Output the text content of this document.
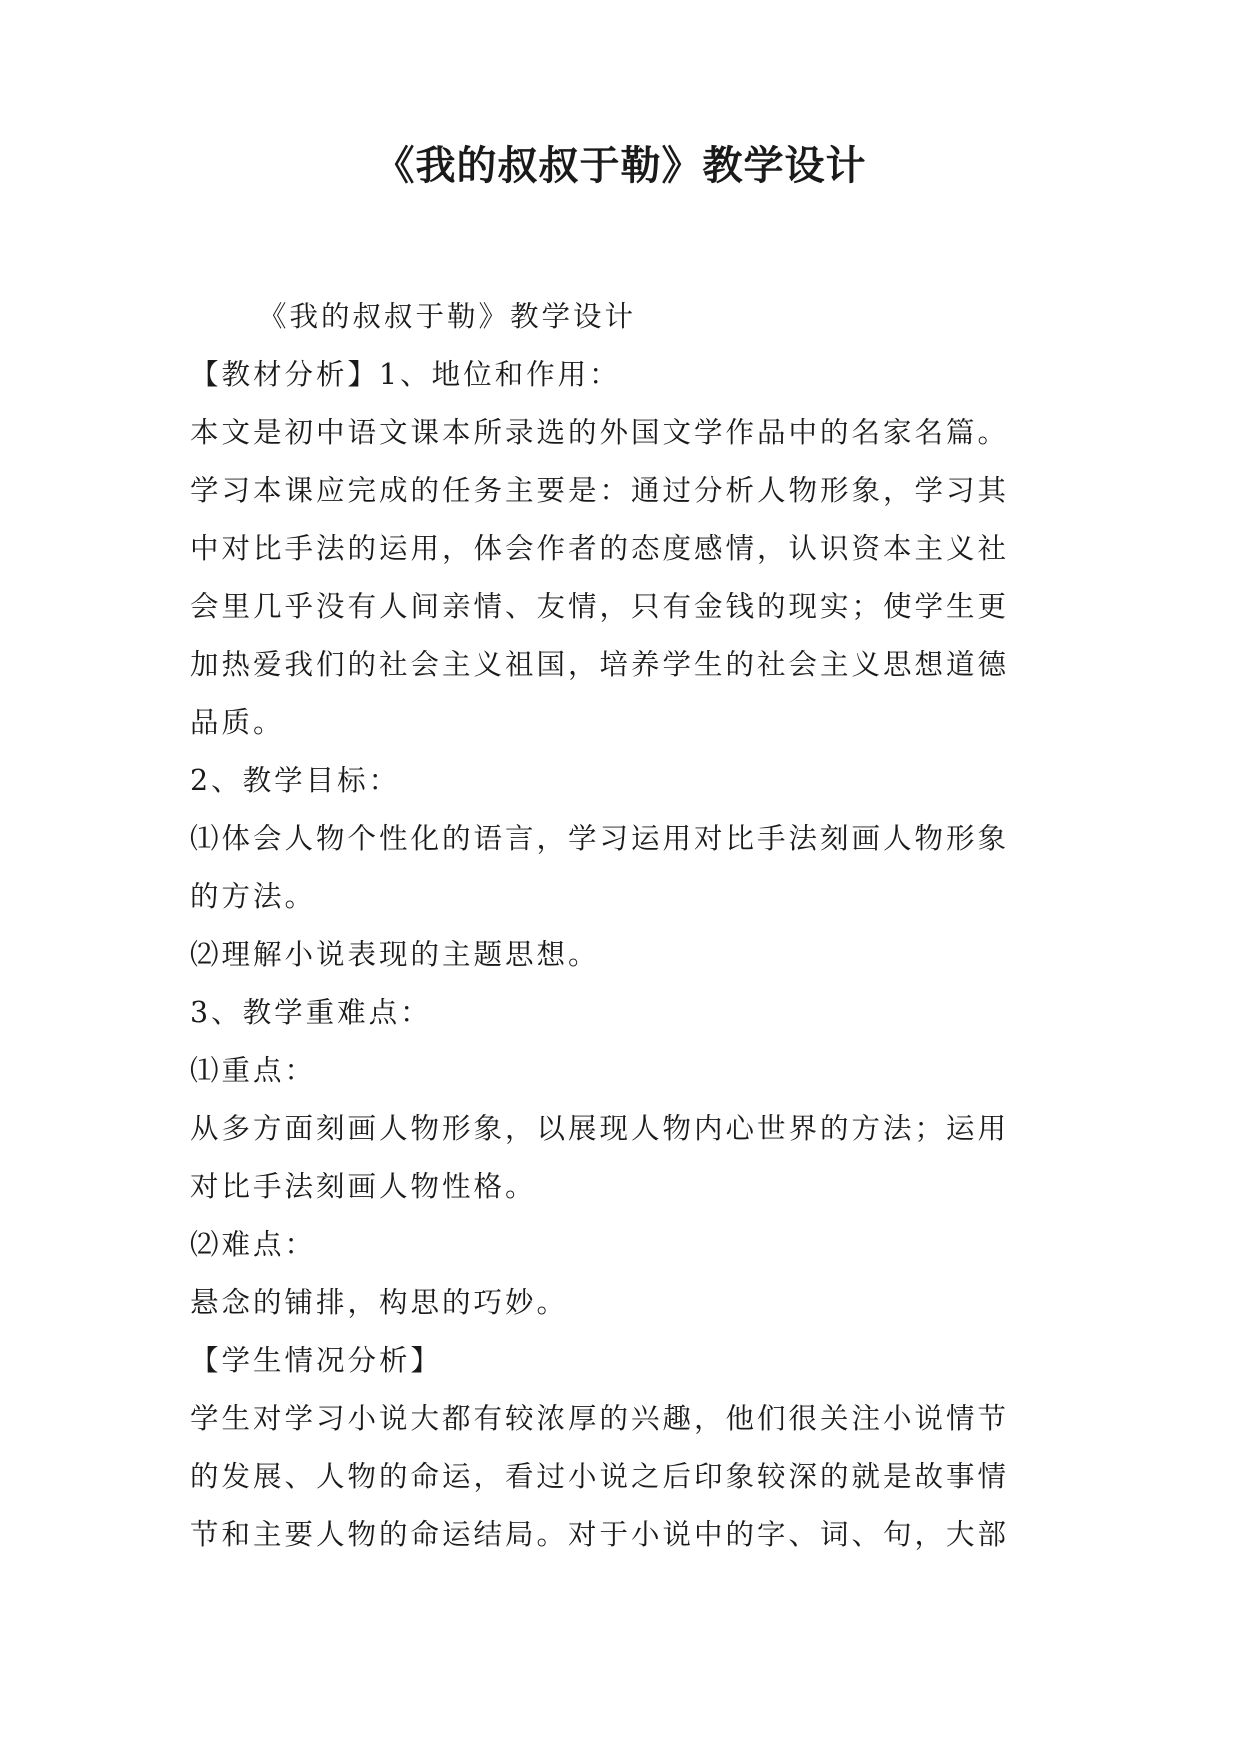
《我的叔叔于勒》教学设计
《我的叔叔于勒》教学设计
【教材分析】1、地位和作用：
本文是初中语文课本所录选的外国文学作品中的名家名篇。
学习本课应完成的任务主要是：通过分析人物形象，学习其
中对比手法的运用，体会作者的态度感情，认识资本主义社
会里几乎没有人间亲情、友情，只有金钱的现实；使学生更
加热爱我们的社会主义祖国，培养学生的社会主义思想道德
品质。
2、教学目标：
⑴体会人物个性化的语言，学习运用对比手法刻画人物形象
的方法。
⑵理解小说表现的主题思想。
3、教学重难点：
⑴重点：
从多方面刻画人物形象，以展现人物内心世界的方法；运用
对比手法刻画人物性格。
⑵难点：
悬念的铺排，构思的巧妙。
【学生情况分析】
学生对学习小说大都有较浓厚的兴趣，他们很关注小说情节
的发展、人物的命运，看过小说之后印象较深的就是故事情
节和主要人物的命运结局。对于小说中的字、词、句，大部
